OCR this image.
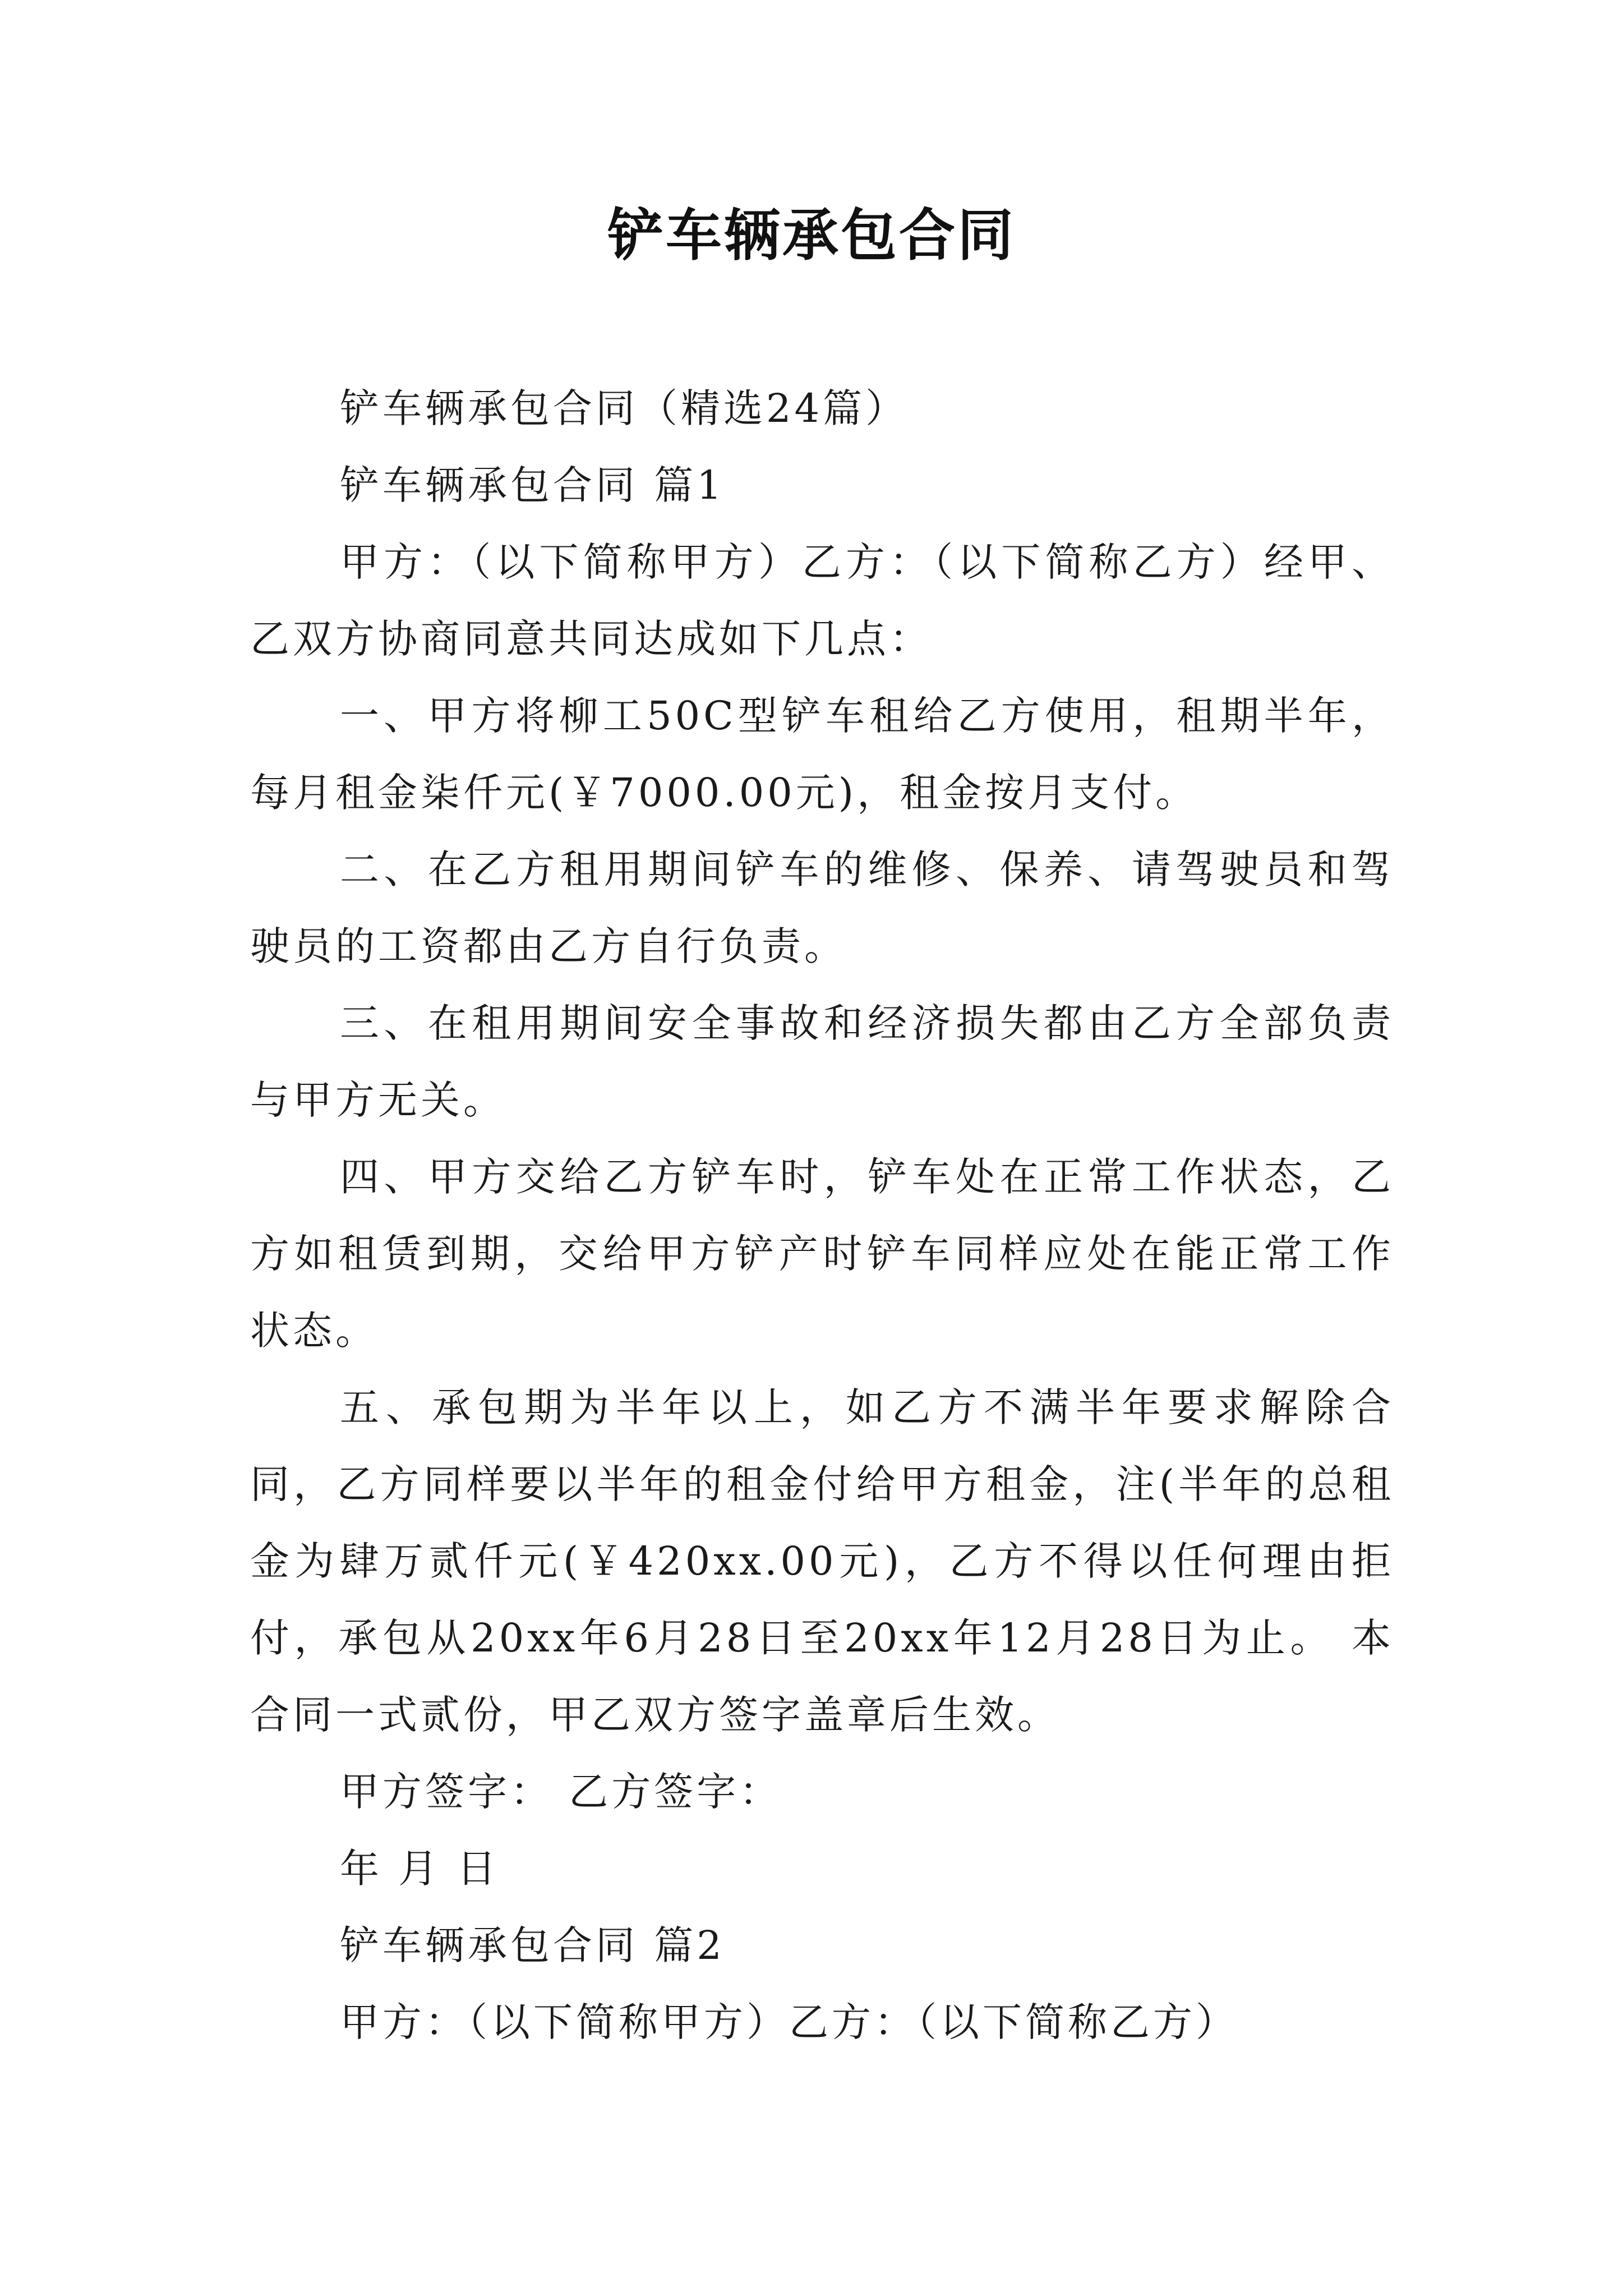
铲车辆承包合同

铲车辆承包合同（精选24篇）

铲车辆承包合同 篇1

甲方：（以下简称甲方）乙方：（以下简称乙方）经甲、乙双方协商同意共同达成如下几点：

一、甲方将柳工50C型铲车租给乙方使用，租期半年，每月租金柒仟元(￥7000.00元)，租金按月支付。

二、在乙方租用期间铲车的维修、保养、请驾驶员和驾驶员的工资都由乙方自行负责。

三、在租用期间安全事故和经济损失都由乙方全部负责与甲方无关。

四、甲方交给乙方铲车时，铲车处在正常工作状态，乙方如租赁到期，交给甲方铲产时铲车同样应处在能正常工作状态。

五、承包期为半年以上，如乙方不满半年要求解除合同，乙方同样要以半年的租金付给甲方租金，注(半年的总租金为肆万贰仟元(￥420xx.00元)，乙方不得以任何理由拒付，承包从20xx年6月28日至20xx年12月28日为止。 本合同一式贰份，甲乙双方签字盖章后生效。

甲方签字： 乙方签字：

年 月 日

铲车辆承包合同 篇2

甲方：（以下简称甲方）乙方：（以下简称乙方）
